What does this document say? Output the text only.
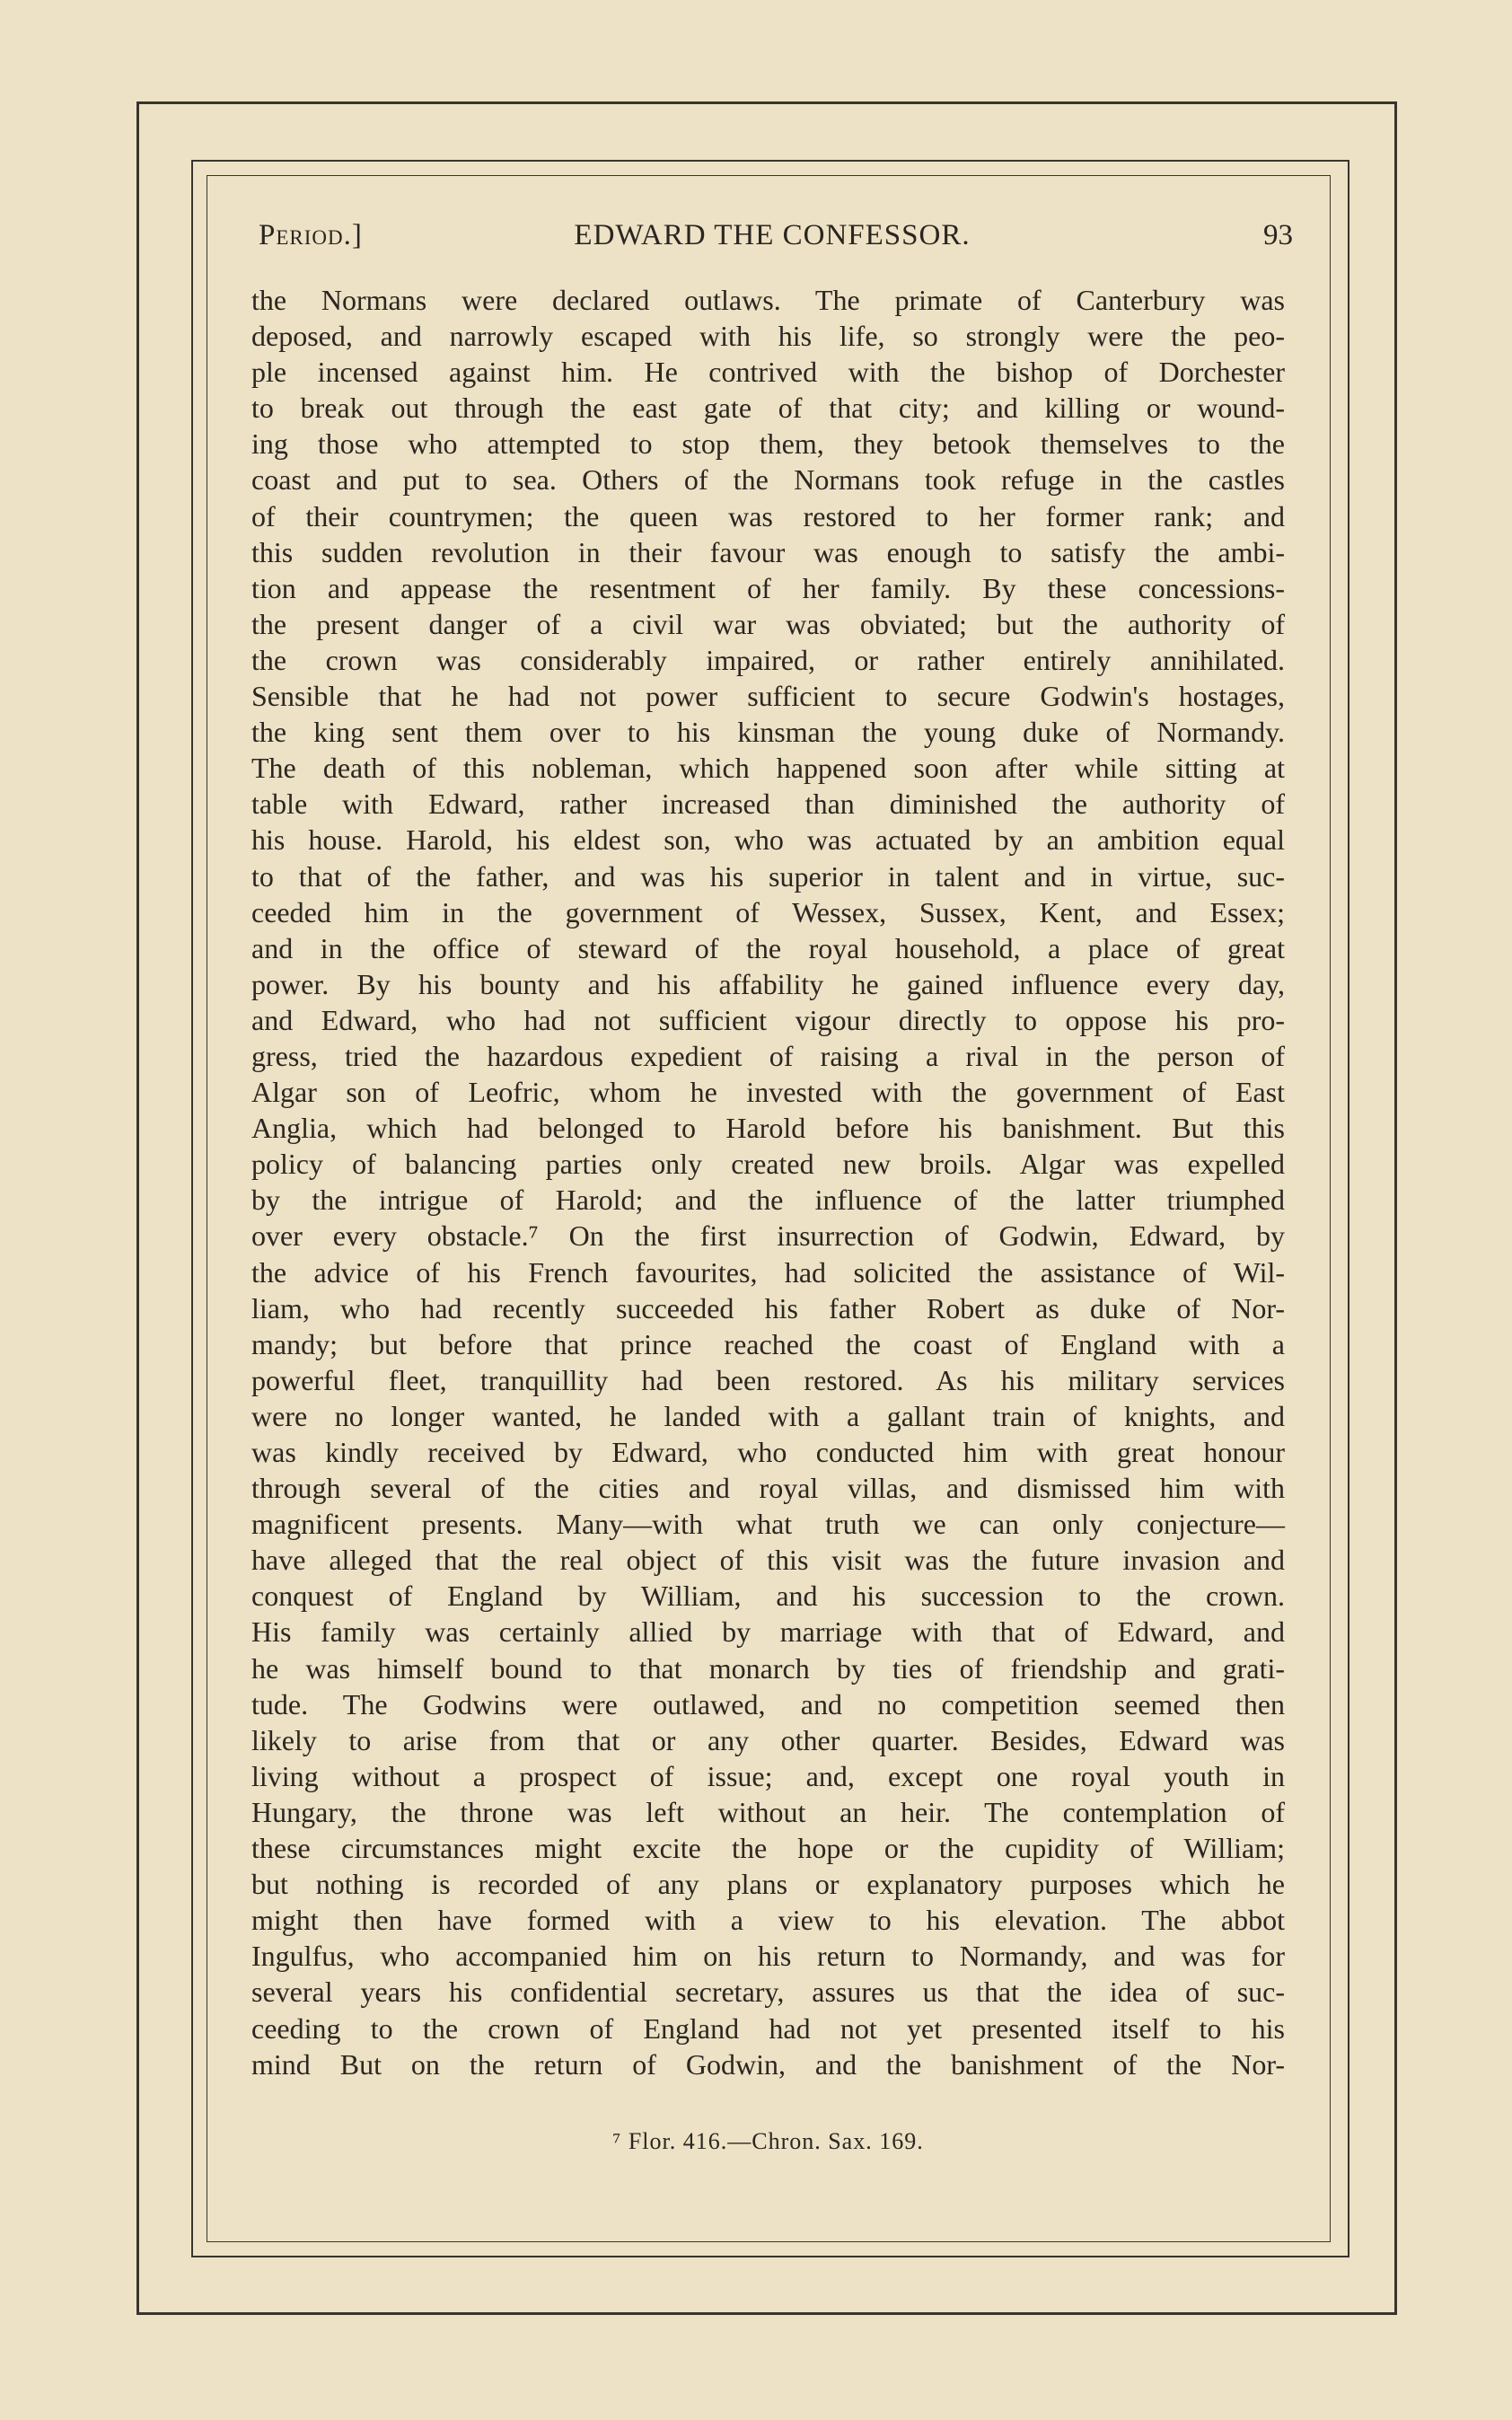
Period.]	EDWARD THE CONFESSOR.	93
the Normans were declared outlaws. The primate of Canterbury was
deposed, and narrowly escaped with his life, so strongly were the peo-
ple incensed against him. He contrived with the bishop of Dorchester
to break out through the east gate of that city; and killing or wound-
ing those who attempted to stop them, they betook themselves to the
coast and put to sea. Others of the Normans took refuge in the castles
of their countrymen; the queen was restored to her former rank; and
this sudden revolution in their favour was enough to satisfy the ambi-
tion and appease the resentment of her family. By these concessions-
the present danger of a civil war was obviated; but the authority of
the crown was considerably impaired, or rather entirely annihilated.
Sensible that he had not power sufficient to secure Godwin's hostages,
the king sent them over to his kinsman the young duke of Normandy.
The death of this nobleman, which happened soon after while sitting at
table with Edward, rather increased than diminished the authority of
his house. Harold, his eldest son, who was actuated by an ambition equal
to that of the father, and was his superior in talent and in virtue, suc-
ceeded him in the government of Wessex, Sussex, Kent, and Essex;
and in the office of steward of the royal household, a place of great
power. By his bounty and his affability he gained influence every day,
and Edward, who had not sufficient vigour directly to oppose his pro-
gress, tried the hazardous expedient of raising a rival in the person of
Algar son of Leofric, whom he invested with the government of East
Anglia, which had belonged to Harold before his banishment. But this
policy of balancing parties only created new broils. Algar was expelled
by the intrigue of Harold; and the influence of the latter triumphed
over every obstacle.⁷ On the first insurrection of Godwin, Edward, by
the advice of his French favourites, had solicited the assistance of Wil-
liam, who had recently succeeded his father Robert as duke of Nor-
mandy; but before that prince reached the coast of England with a
powerful fleet, tranquillity had been restored. As his military services
were no longer wanted, he landed with a gallant train of knights, and
was kindly received by Edward, who conducted him with great honour
through several of the cities and royal villas, and dismissed him with
magnificent presents. Many—with what truth we can only conjecture—
have alleged that the real object of this visit was the future invasion and
conquest of England by William, and his succession to the crown.
His family was certainly allied by marriage with that of Edward, and
he was himself bound to that monarch by ties of friendship and grati-
tude. The Godwins were outlawed, and no competition seemed then
likely to arise from that or any other quarter. Besides, Edward was
living without a prospect of issue; and, except one royal youth in
Hungary, the throne was left without an heir. The contemplation of
these circumstances might excite the hope or the cupidity of William;
but nothing is recorded of any plans or explanatory purposes which he
might then have formed with a view to his elevation. The abbot
Ingulfus, who accompanied him on his return to Normandy, and was for
several years his confidential secretary, assures us that the idea of suc-
ceeding to the crown of England had not yet presented itself to his
mind But on the return of Godwin, and the banishment of the Nor-
⁷ Flor. 416.—Chron. Sax. 169.
